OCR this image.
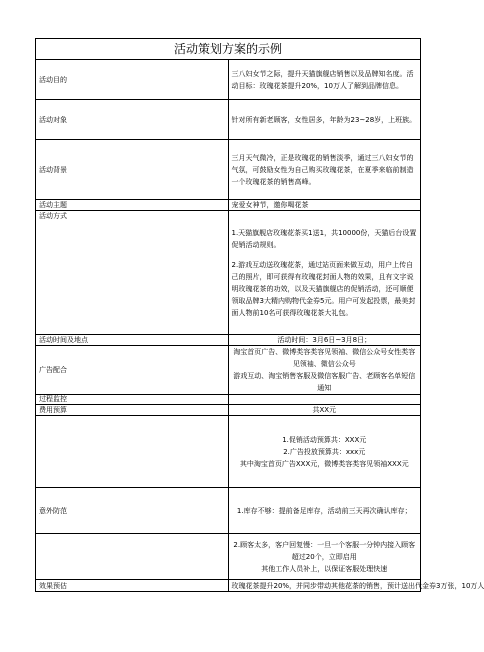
活动策划方案的示例	
活动目的	三八妇女节之际，提升天猫旗舰店销售以及品牌知名度。活动目标：玫瑰花茶提升20%，10万人了解到品牌信息。
活动对象	针对所有新老顾客，女性居多，年龄为23~28岁，上班族。
活动背景	三月天气微冷，正是玫瑰花的销售淡季，通过三八妇女节的气氛，可鼓励女性为自己购买玫瑰花茶，在夏季来临前制造一个玫瑰花茶的销售高峰。
活动主题	宠爱女神节，邀你喝花茶
活动方式	1.天猫旗舰店玫瑰花茶买1送1，共10000份，天猫后台设置促销活动规则。

2.游戏互动送玫瑰花茶，通过站页面来做互动，用户上传自己的照片，即可获得有玫瑰花封面人物的效果，且有文字说明玫瑰花茶的功效，以及天猫旗舰店的促销活动，还可顺便领取品牌3大精内购物代金券5元。用户可发起投票，最美封面人物前10名可获得玫瑰花茶大礼包。

活动时间及地点	活动时间：3月6日~3月8日；
广告配合	淘宝首页广告、微博类容类容见领袖、微信公众号女性类容见领袖、微信公众号
游戏互动、淘宝销售客服及微信客服广告、老顾客名单短信通知

过程监控	
费用预算	共XX元

	1.促销活动预算共：XXX元
2.广告投放预算共：xxx元
其中淘宝首页广告XXX元，微博类容类容见领袖XXX元

意外防范	1.库存不够：提前备足库存，活动前三天再次确认库存；

	2.顾客太多，客户回复慢：一旦一个客服一分钟内接入顾客超过20个，立即启用
其他工作人员补上，以保证客服处理快速

效果预估	玫瑰花茶提升20%，并同步带动其他花茶的销售，预计送出代金券3万张，10万人
